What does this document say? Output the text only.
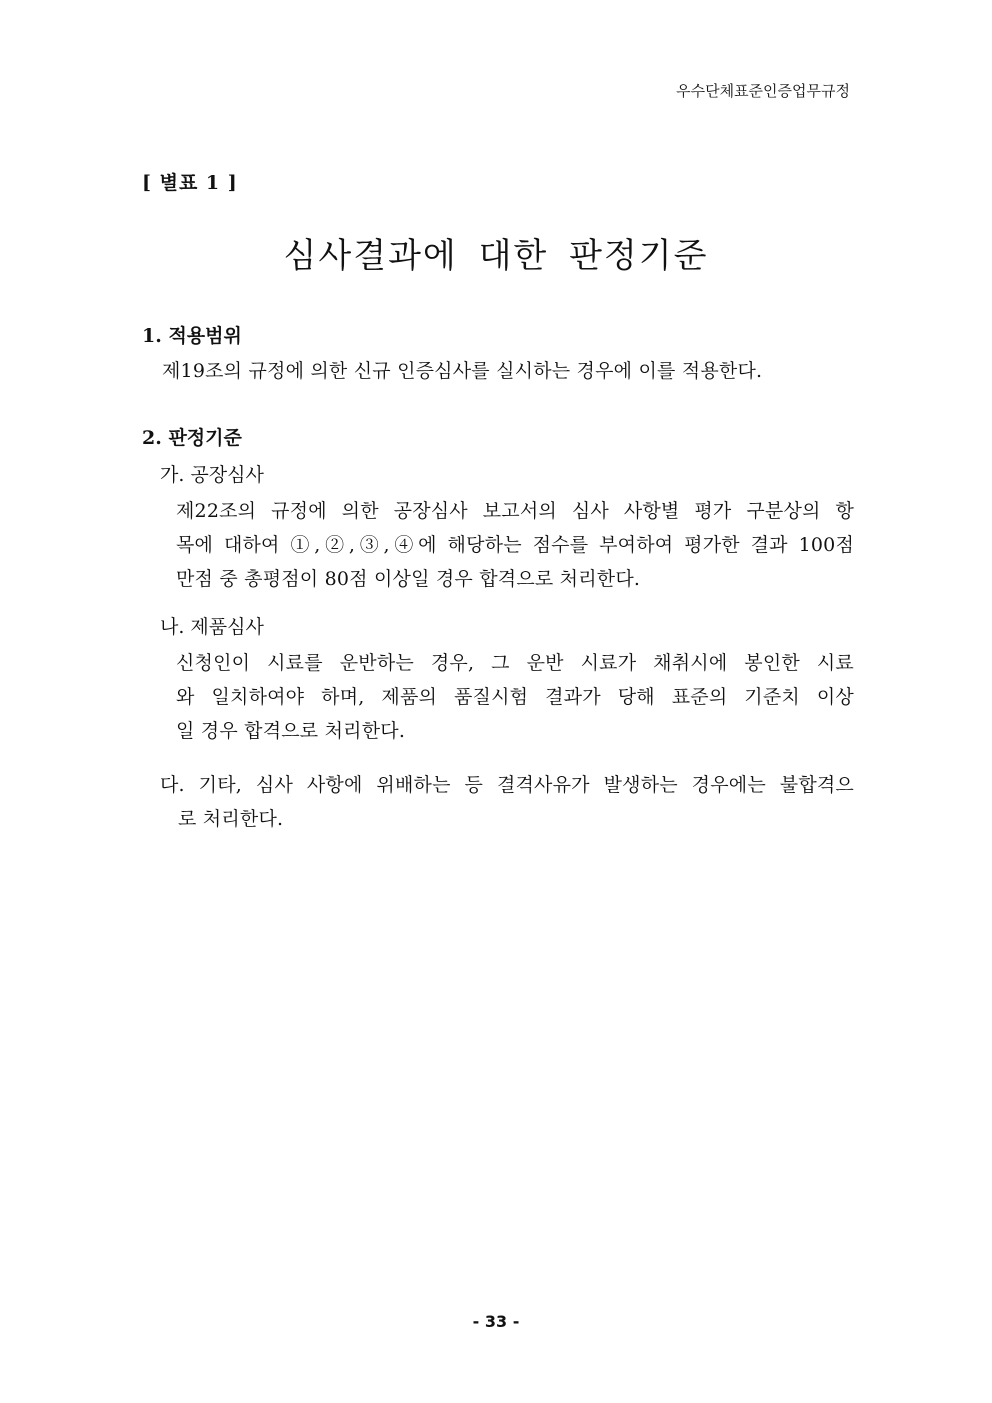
우수단체표준인증업무규정
[ 별표 1 ]
심사결과에 대한 판정기준
1. 적용범위
제19조의 규정에 의한 신규 인증심사를 실시하는 경우에 이를 적용한다.
2. 판정기준
가. 공장심사
제22조의 규정에 의한 공장심사 보고서의 심사 사항별 평가 구분상의 항
목에 대하여 ①,②,③,④에 해당하는 점수를 부여하여 평가한 결과 100점
만점 중 총평점이 80점 이상일 경우 합격으로 처리한다.
나. 제품심사
신청인이 시료를 운반하는 경우, 그 운반 시료가 채취시에 봉인한 시료
와 일치하여야 하며, 제품의 품질시험 결과가 당해 표준의 기준치 이상
일 경우 합격으로 처리한다.
다. 기타, 심사 사항에 위배하는 등 결격사유가 발생하는 경우에는 불합격으
로 처리한다.
- 33 -
